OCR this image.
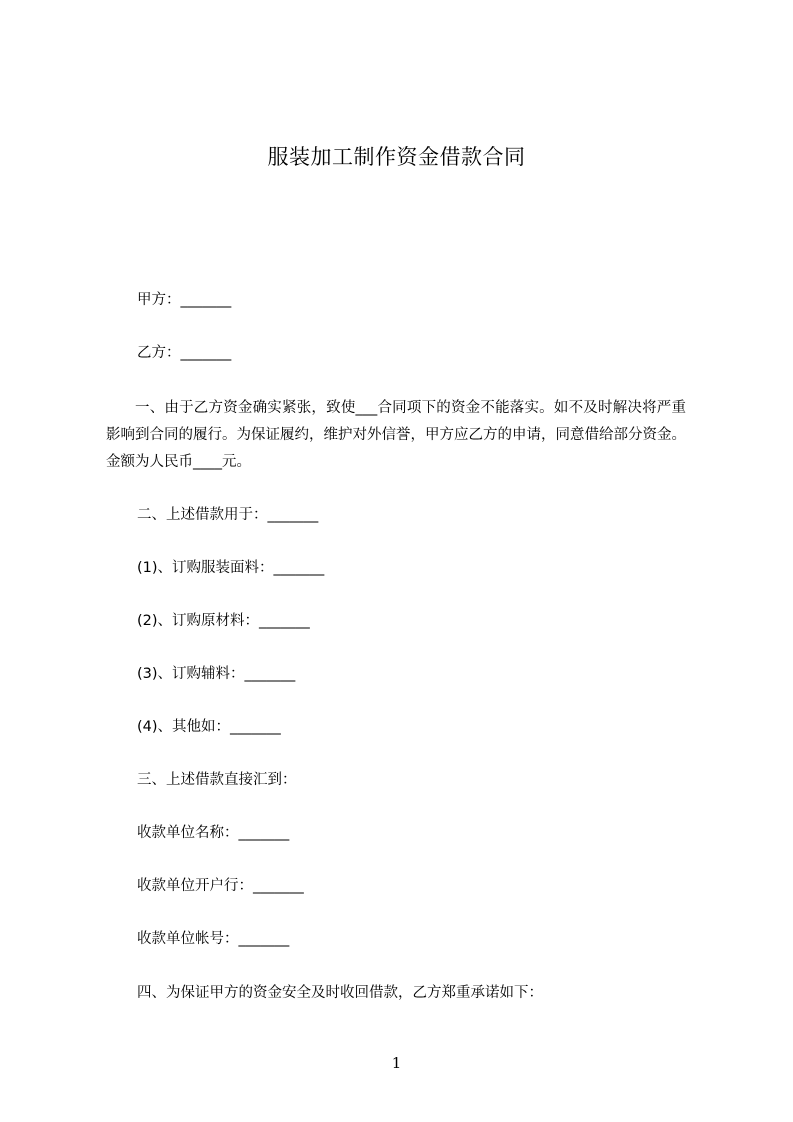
服装加工制作资金借款合同
甲方：_______
乙方：_______
一、由于乙方资金确实紧张，致使___合同项下的资金不能落实。如不及时解决将严重影响到合同的履行。为保证履约，维护对外信誉，甲方应乙方的申请，同意借给部分资金。金额为人民币____元。
二、上述借款用于：_______
(1)、订购服装面料：_______
(2)、订购原材料：_______
(3)、订购辅料：_______
(4)、其他如：_______
三、上述借款直接汇到：
收款单位名称：_______
收款单位开户行：_______
收款单位帐号：_______
四、为保证甲方的资金安全及时收回借款，乙方郑重承诺如下：
1
